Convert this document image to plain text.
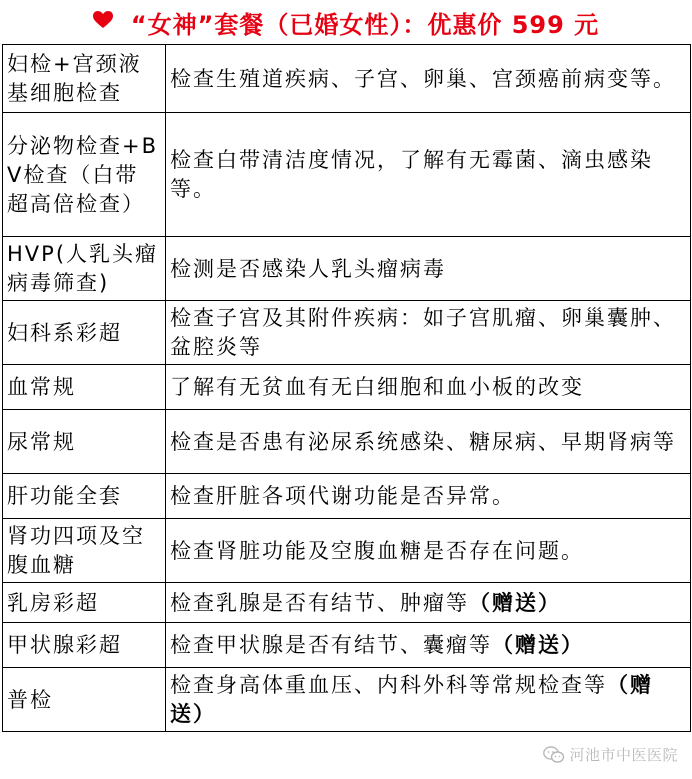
“女神”套餐（已婚女性）：优惠价 599 元
妇检+宫颈液基细胞检查	检查生殖道疾病、子宫、卵巢、宫颈癌前病变等。
分泌物检查+BV检查（白带超高倍检查）	检查白带清洁度情况，了解有无霉菌、滴虫感染等。
HVP(人乳头瘤病毒筛查)	检测是否感染人乳头瘤病毒
妇科系彩超	检查子宫及其附件疾病：如子宫肌瘤、卵巢囊肿、盆腔炎等
血常规	了解有无贫血有无白细胞和血小板的改变
尿常规	检查是否患有泌尿系统感染、糖尿病、早期肾病等
肝功能全套	检查肝脏各项代谢功能是否异常。
肾功四项及空腹血糖	检查肾脏功能及空腹血糖是否存在问题。
乳房彩超	检查乳腺是否有结节、肿瘤等（赠送）
甲状腺彩超	检查甲状腺是否有结节、囊瘤等（赠送）
普检	检查身高体重血压、内科外科等常规检查等（赠送）
河池市中医医院
